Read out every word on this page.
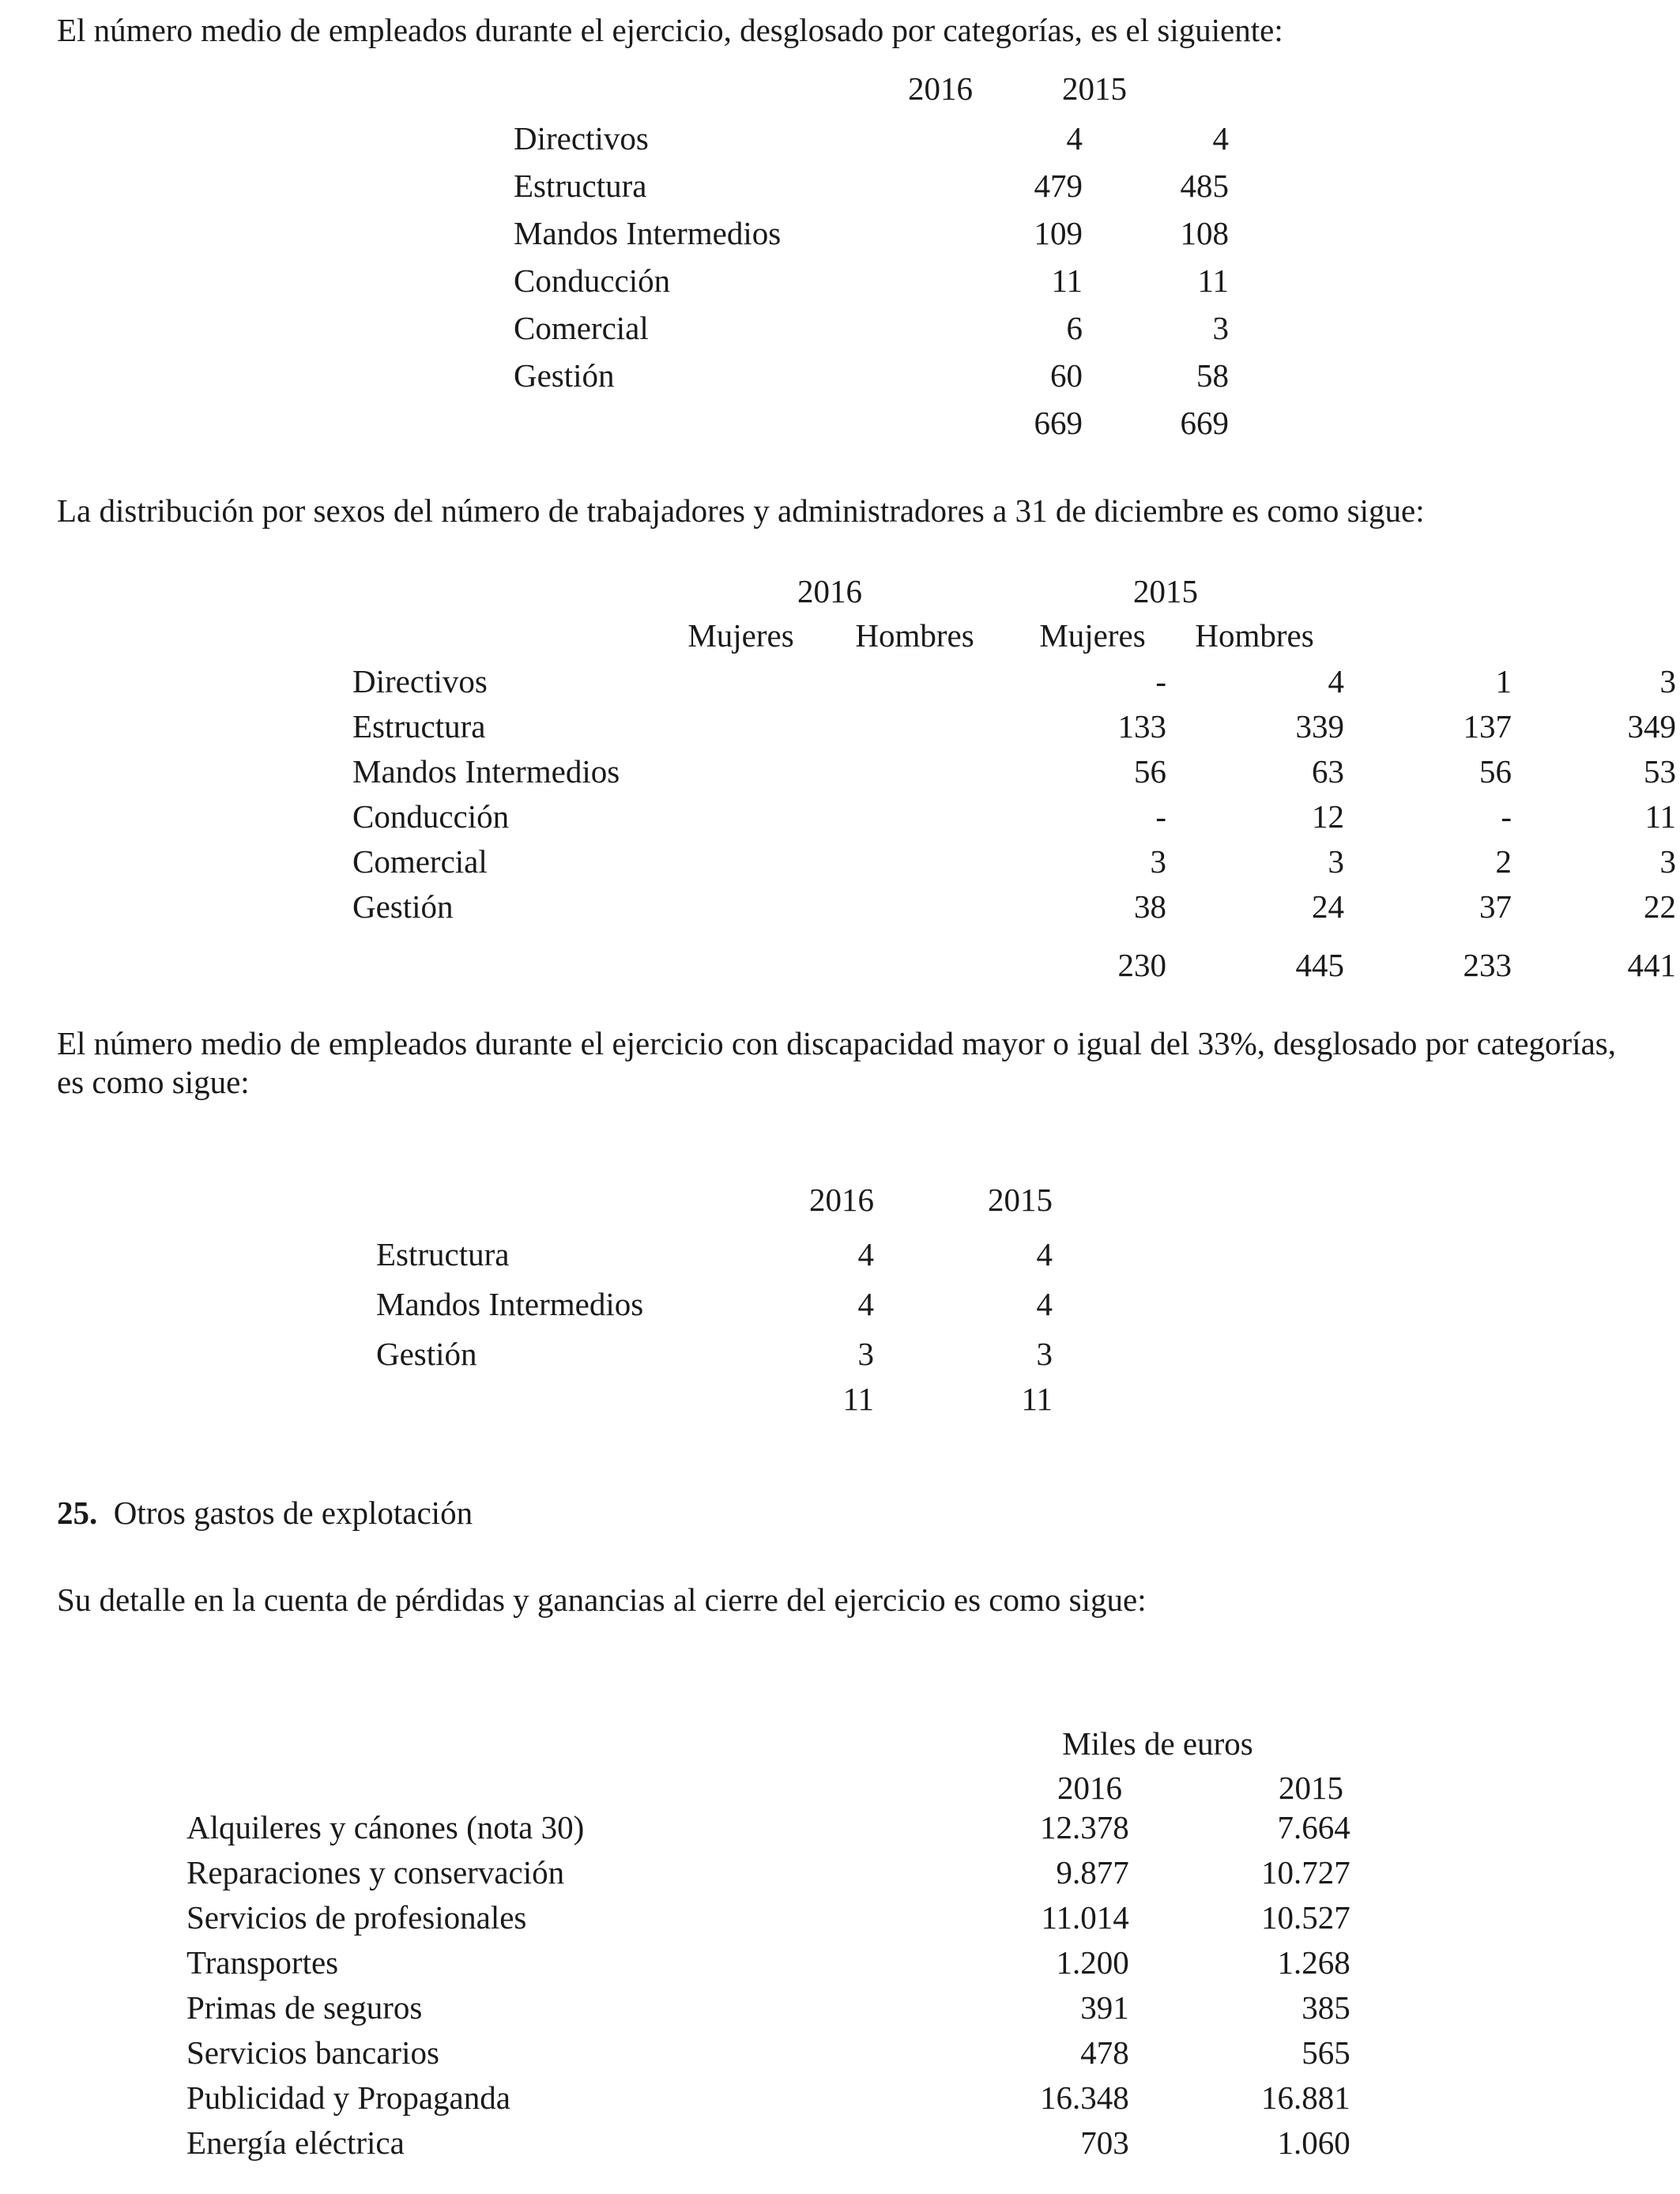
El número medio de empleados durante el ejercicio, desglosado por categorías, es el siguiente:
2016	2015
Directivos	4	4
Estructura	479	485
Mandos Intermedios	109	108
Conducción	11	11
Comercial	6	3
Gestión	60	58
	669	669
La distribución por sexos del número de trabajadores y administradores a 31 de diciembre es como sigue:
2016	2015
Mujeres	Hombres	Mujeres	Hombres
Directivos	-	4	1	3
Estructura	133	339	137	349
Mandos Intermedios	56	63	56	53
Conducción	-	12	-	11
Comercial	3	3	2	3
Gestión	38	24	37	22
	230	445	233	441
El número medio de empleados durante el ejercicio con discapacidad mayor o igual del 33%, desglosado por categorías, es como sigue:
2016	2015
Estructura	4	4
Mandos Intermedios	4	4
Gestión	3	3
	11	11
25. Otros gastos de explotación
Su detalle en la cuenta de pérdidas y ganancias al cierre del ejercicio es como sigue:
Miles de euros
2016	2015
Alquileres y cánones (nota 30)	12.378	7.664
Reparaciones y conservación	9.877	10.727
Servicios de profesionales	11.014	10.527
Transportes	1.200	1.268
Primas de seguros	391	385
Servicios bancarios	478	565
Publicidad y Propaganda	16.348	16.881
Energía eléctrica	703	1.060
